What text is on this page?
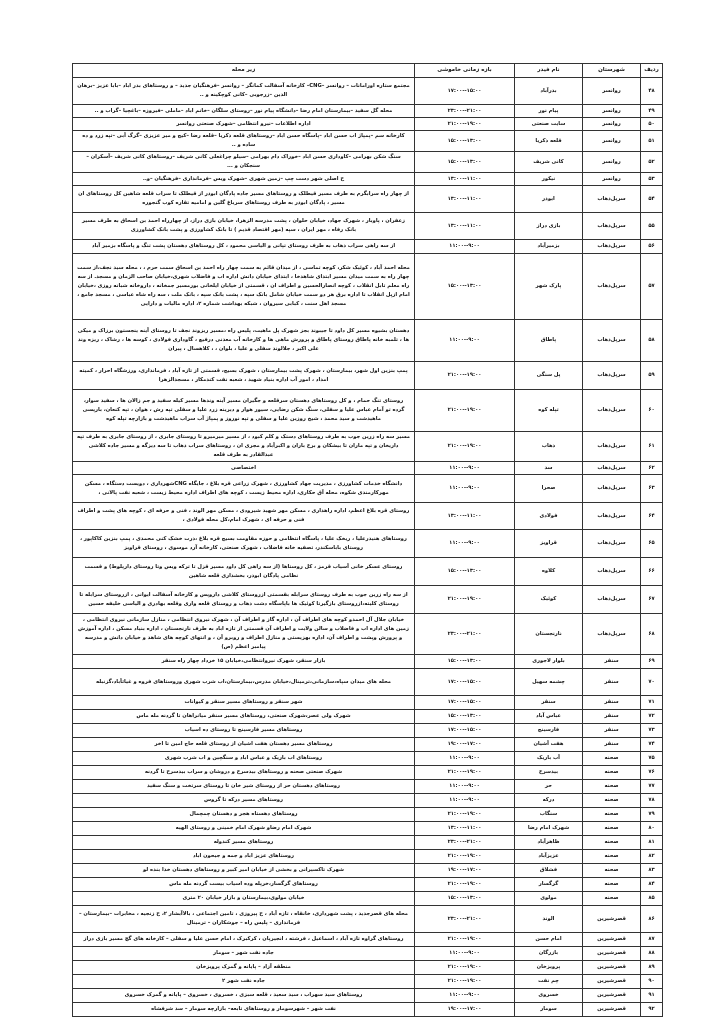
ردیف	شهرستان	نام فیدر	بازه زمانی خاموشی	زیر محله
۴۸	روانسر	بدرآباد	۱۵:۰۰--۱۷:۰۰	مجتمع ستاره اورامانات – روانسر –CNG– کارخانه آسفالت کمانگر – روانسر –فرهنگیان جدید – و روستاهای بدر اباد –بابا عزیز –برهان الدین –زرجوبی –کانی کوچکینه و ..
۴۹	روانسر	پیام نور	۲۱:۰۰--۲۳:۰۰	محله گل سفید –بیمارستان امام رضا –دانشگاه پیام نور –روستای سلگان –خانم اباد –ماملی –فیروزه –باغچیا –گراب و ..
۵۰	روانسر	سایت صنعتی	۱۹:۰۰--۲۱:۰۰	اداره اطلاعات –نیرو انتظامی –شهرک صنعتی روانسر
۵۱	روانسر	قلعه ذکریا	۱۳:۰۰--۱۵:۰۰	کارخانه سم –پمپاژ اب حسن اباد –پاسگاه حسن اباد –روستاهای قلعه ذکریا –قلعه رضا –کیج و میر عزیزی –گرگ آبی –تپه زرد و ده ساده و ..
۵۲	روانسر	کانی شریف	۱۳:۰۰--۱۵:۰۰	سنگ شکن بهرامی –کاوداری حسن اباد –خوراک دام بهرامی –سیلو چراغعلی کانی شریف –روستاهای کانی شریف –آسکران –سنجکان و ...
۵۳	روانسر	نیکور	۱۱:۰۰--۱۳:۰۰	خ اصلی شهر دست چپ –زمین شهری –شهرک ویس –فرمانداری –فرهنگیان –و..
۵۴	سرپل‌ذهاب	ایوذر	۱۱:۰۰--۱۳:۰۰	از چهار راه سرابگرم به طرف مسیر قیطلک و روستاهای مسیر جاده پادگان ابوذر از قیطلک تا سراب قلعه شاهین کل روستاهای ان مسیر ، پادگان ابوذر به طرف روستاهای سرباغ گلین و امامیه تقاره کوب گنجوره
۵۵	سرپل‌ذهاب	بازی دراز	۱۱:۰۰--۱۳:۰۰	زعفران ، پاوبار ، شهرک جهاد، خیابان حلوان ، پشت مدرسه الزهرا، خیابان بازی دراز، از چهارراه احمد بن اسحاق به طرف مسیر بانک رفاه ، مهر ایران ، سپه (مهر اقتصاد قدیم ) تا بانک کشاورزی و پشت بانک کشاورزی
۵۶	سرپل‌ذهاب	بزمیرآباد	۹:۰۰--۱۱:۰۰	از سه راهی سراب ذهاب به طرف روستای تپانی و الیاسی محمود ، کل روستاهای دهستان پشت تنگ و پاسگاه بزمیر آباد
۵۷	سرپل‌ذهاب	پارک شهر	۱۳:۰۰--۱۵:۰۰	محله احمد آباد ، کوئیک شکر، کوچه تماسی ، از میدان قائم به سمت چهار راه احمد بن اسحاق سمت حرم ، ، محله سید نجف،از سمت چهار راه به سمت میدان مسیر ابتدای شاهدخا ، ابتدای خیابان دانش اداره اب و فاضلاب شهری،خیابان صاحب الزمان و مسجد. از سه راه معلم تابل انقلاب ، کوچه انصارالحسین و اطراف ان ، قسمتی از خیابان ایلخانی بورمسیر جمخانه ، داروخانه شبانه روزی ،خیابان امام ازپل انقلاب تا اداره برق هر دو سمت خیابان شامل بانک سپه ، پشت بانک سپه ، بانک ملت ، سه راه شاه عباسی ، مسجد جامع ، مسجد اهل سنت ، کبابی سیروان ، شبکه بهداشت شماره ۲، اداره مالیات و دارایی
۵۸	سرپل‌ذهاب	پاطاق	۹:۰۰--۱۱:۰۰	دهستان بشیوه مسیر کل داود تا جیبوند بجز شهرک پل ماهیت، پلیس راه ،مسیر ریزوند نجف تا روستای آینه ینجستون برزاک و میکی ها ، تلمبه خانه پاطاق روستای پاطاق و پرورش ماهی ها و کارخانه آب معدنی درفیع ، گاوداری فولادی ، کوسه ها ، رشاک ، ریزه وند علی اکبر ، جلالوند سفلی و علیا ، بلوان ، ، کلاهسال ، پیران
۵۹	سرپل‌ذهاب	پل سنگی	۱۹:۰۰--۲۱:۰۰	پمپ بنزین اول شهر، بیمارستان ، شهرک پشت بیمارستان ، شهرک بسیج، قسمتی از تازه آباد ، فرمانداری، ورزشگاه احرار ، کمیته امداد ، امور آب اداره بنیاد شهید ، شعبه نفت کندمکار ، مسجدالزهرا
۶۰	سرپل‌ذهاب	تپله کوه	۱۹:۰۰--۲۱:۰۰	روستای تنگ حمام ، و کل روستاهای دهستان سرقلعه و جگیران مسیر آینه وندها مسیر کیله سفید و جم زالان ها ، سفید سوار، گرده تو آمام عباس علیا و سفلی، سنگ شکن رضایی، سیور هوار و دیرینه زرد علیا و سفلی تپه رش ، هوان ، تپه کنعان، بارپسی ماهیدشت و سید محمد ، شیخ روزین علیا و سفلی و تپه نوروز و پمپاژ آب سراب ماهیدشت و بازارچه تپله کوه
۶۱	سرپل‌ذهاب	ذهاب	۱۹:۰۰--۲۱:۰۰	مسیر سه راه زرین جوب به طرف روستاهای دستک و کلم کبود ، از مسیر میرمیرو تا روستای جابری ، از روستای جابری به طرف تپه داریخان و تپه ماران تا بیشکان و برخ باران و اکبرآباد و مجری ان ، روستاهای سراب ذهاب تا سه دیزگه و مسیر جاده کلاشی عبدالقادر به طرف قلعه
۶۲	سرپل‌ذهاب	سد	۹:۰۰--۱۱:۰۰	اختصاصی
۶۳	سرپل‌ذهاب	صحرا	۹:۰۰--۱۱:۰۰	دانشگاه خدمات کشاورزی ، مدیریت جهاد کشاورزی ، شهرک زراعی قره بلاغ ، جایگاه CNGشهرداری ، دویست دستگاه ، مسکن مهرکارمندی شکوه، محله آق حکاری، اداره محیط زیست ، کوچه های اطراف اداره محیط زیست ، شعبه نفت پالانی ،
۶۴	سرپل‌ذهاب	فولادی	۱۱:۰۰--۱۳:۰۰	روستای قره بلاغ اعظم، اداره راهداری ، مسکن مهر شهید شیرودی ، مسکن مهر الوند ، فنی و حرفه ای ، کوچه های پشت و اطراف فنی و حرفه ای ، شهرک امام،کل محله فولادی ،
۶۵	سرپل‌ذهاب	قراویز	۹:۰۰--۱۱:۰۰	روستاهای هنیدرعلیا ، ریخک علیا ، پاسگاه انتظامی و حوزه مقاومت بسیج قره بلاغ ،ذرت خشک کنی محمدی ، پمپ بنزین کاکاپور ، روستای باباسکندر، تصفیه خانه فاضلاب ، شهرک صنعتی، کارخانه آرد موسوی ، روستای قراویز
۶۶	سرپل‌ذهاب	کلاوه	۱۳:۰۰--۱۵:۰۰	روستای عسکر خانی آسیاب قرمز ، کل روستاها (از سه راهی کل داود مسیر قزل تا ترکه ویس وتا روستای دارپلوط) و قسمت نظامی پادگان ابوذر، بخشداری قلعه شاهین
۶۷	سرپل‌ذهاب	کوئیک	۱۹:۰۰--۲۱:۰۰	از سه راه زرین جوب به طرف روستای سرابله بقسمتی ازروستای کلاشی داروپس و کارخانه آسفالت ایوانی ، ازروستای سرابله تا روستای کلیته،ازروستای بازگیرتا کوئیک ها باپاسگاه دشت ذهاب و روستای قلعه واری وقلعه بهادری و الیاسی خلیفه حسین
۶۸	سرپل‌ذهاب	نارنجستان	۲۱:۰۰--۲۳:۰۰	خیابان جلال آل احمدو کوچه های اطراف آن ، اداره گاز و اطراف آن ، شهرک نیروی انتظامی ، منازل سازمانی نیروی انتظامی ، زمین های اداره اب و فاضلاب و سالن ولایت و اطراف آن قسمتی از تازه اباد به طرف نارنجستان ، اداره بنیاد مسکن ، اداره آموزش و پرورش وپشت و اطراف آن، اداره بهزیستی و منازل اطراف و روبرو آن ، و انتهای کوچه های شاهد و خیابان دانش و مدرسه پیامبر اعظم (ص)
۶۹	سنقر	بلوار لاجوری	۱۳:۰۰--۱۵:۰۰	بازار سنقر، شهرک نیروانتظامی،خیابان ۱۵ خرداد چهار راه سنقر
۷۰	سنقر	چشمه سهیل	۱۵:۰۰--۱۷:۰۰	محله های میدان سپاه،سازمانی،ترمینال،خیابان مدرس،بیمارستان،اب شرب شهری وروستاهای فروه و غیاثآباد،گزنبله
۷۱	سنقر	سنقر	۱۵:۰۰--۱۷:۰۰	شهر سنقر و روستاهای مسیر سنقر و کیوانات
۷۲	سنقر	عباس آباد	۱۳:۰۰--۱۵:۰۰	شهرک ولی عصر،شهرک صنعتی، روستاهای مسیر سنقر میانراهان تا گردنه مله ماس
۷۳	سنقر	فارسینج	۱۵:۰۰--۱۷:۰۰	روستاهای مسیر فارسینج تا روستای ده اسیاب
۷۴	سنقر	هفت آشیان	۱۷:۰۰--۱۹:۰۰	روستاهای مسیر دهستان هفت اشیان از روستای قلعه حاج امین تا اخر
۷۵	صحنه	آب باریک	۹:۰۰--۱۱:۰۰	روستاهای اب باریک و عباس اباد و سنگچین و اب شرب شهری
۷۶	صحنه	بیدسرخ	۱۹:۰۰--۲۱:۰۰	شهرک صنعتی صحنه و روستاهای بیدسرخ و دروشان و سراب بیدسرخ تا گردنه
۷۷	صحنه	حر	۹:۰۰--۱۱:۰۰	روستاهای دهستان حر از روستای شیر خان تا روستای سرتخت و سنگ سفید
۷۸	صحنه	درکه	۹:۰۰--۱۱:۰۰	روستاهای مسیر درکه تا گروس
۷۹	صحنه	سنگاب	۱۹:۰۰--۲۱:۰۰	روستاهای دهستاه هجر و دهستان چمچمال
۸۰	صحنه	شهرک امام رضا	۱۱:۰۰--۱۳:۰۰	شهرک امام رضاو شهرک امام خمینی و روستای الهیه
۸۱	صحنه	ظاهرآباد	۲۱:۰۰--۲۳:۰۰	روستاهای مسیر کندوله
۸۲	صحنه	عزیزآباد	۱۹:۰۰--۲۱:۰۰	روستاهای عزیز اباد و جمه و جیحون اباد
۸۳	صحنه	فشلاق	۱۷:۰۰--۱۹:۰۰	شهرک تاکسیرانی و بخشی از خیابان امیر کبیر و روستاهای دهستان خدا بنده لو
۸۴	صحنه	گرگسار	۱۹:۰۰--۲۱:۰۰	روستاهای گرگسار،خرپله وده اسیاب بیست گردنه مله ماس
۸۵	صحنه	مولوی	۱۳:۰۰--۱۵:۰۰	خیابان مولوی،بیمارستان و بازار خیابان ۲۰ متری
۸۶	قصرشیرین	الوند	۲۱:۰۰--۲۳:۰۰	محله های قصرجدید ، پشت شهرداری، خانقاه ، تازه آباد ، خ پیروزی ، تامین اجتماعی ، بالاآبشار ۲، خ زنجیه ، مخابرات –بیمارستان – فرمانداری – پلیس راه – جوشکاران – ترمینال
۸۷	قصرشیرین	امام حسن	۱۹:۰۰--۲۱:۰۰	روستاهای گراوه تازه آباد ، اسماعیل ، فرشته ، انجیرپان ، کرکبرک ، امام حسن علیا و سفلی – کارخانه های گچ مسیر بازی دراز
۸۸	قصرشیرین	بازرگان	۹:۰۰--۱۱:۰۰	جاده نفت شهر – سومار
۸۹	قصرشیرین	پرویزخان	۱۹:۰۰--۲۱:۰۰	منطقه آزاد – پایانه و گمرک پرویزخان
۹۰	قصرشیرین	چم نفت	۱۹:۰۰--۲۱:۰۰	جاده نفت شهر ۲
۹۱	قصرشیرین	خسروی	۹:۰۰--۱۱:۰۰	روستاهای سید سهراب ، سید سعید ، قلعه سبزی ، خسروی ، خسروی – پایانه و گمرک خسروی
۹۲	قصرشیرین	سومار	۱۷:۰۰--۱۹:۰۰	نفت شهر – شهرسومار و روستاهای تابعه– بازارچه سومار – سد شرفشاه
